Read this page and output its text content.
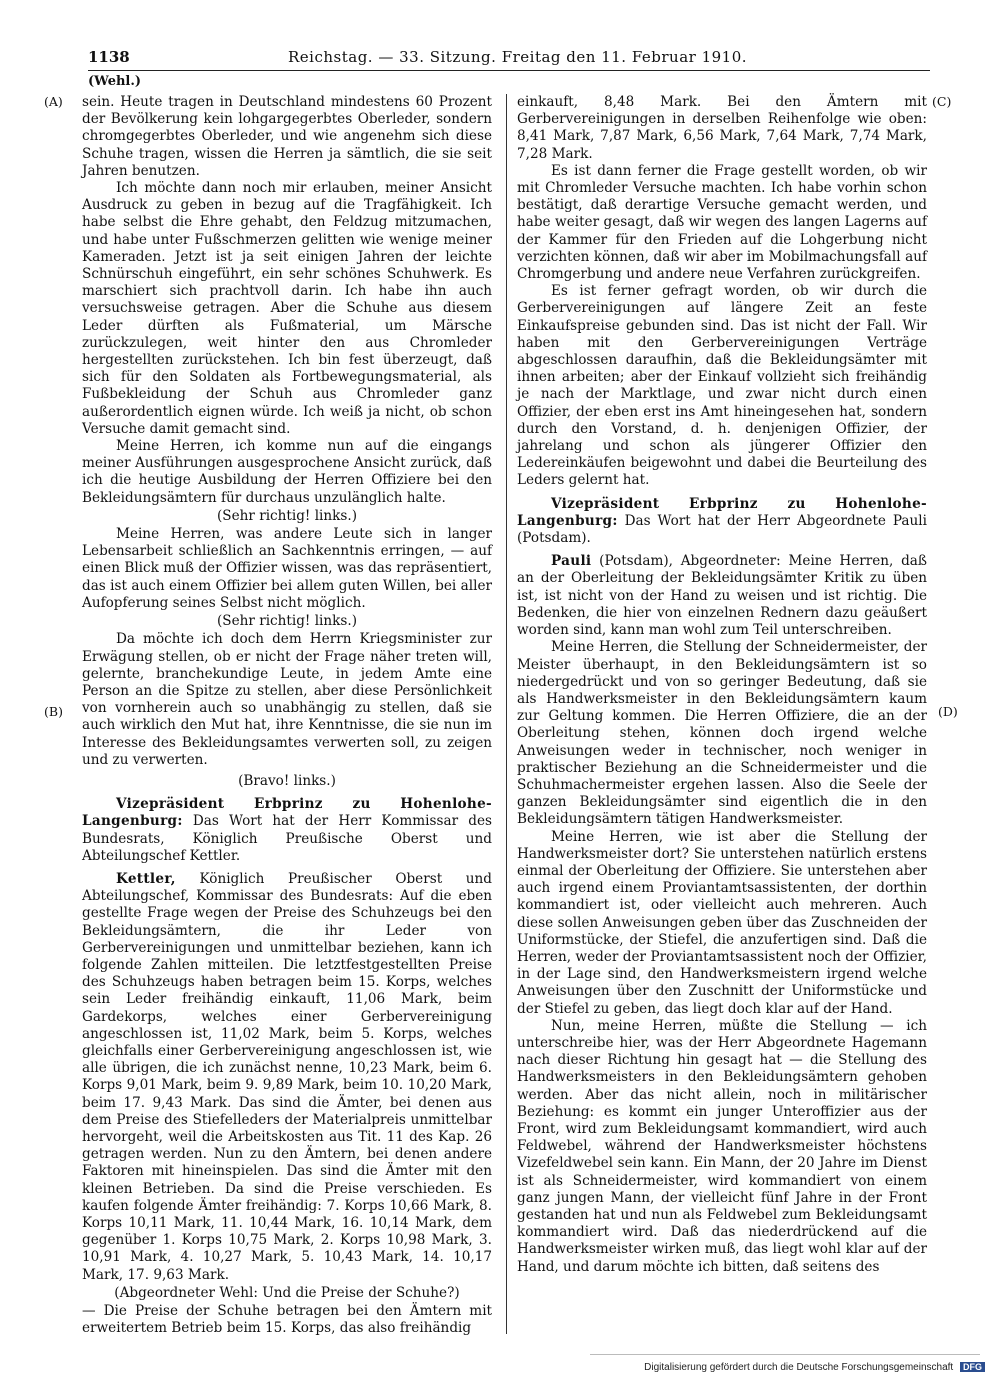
1138	Reichstag. — 33. Sitzung. Freitag den 11. Februar 1910.
(Wehl.)
(A)
(B)
(C)
(D)

sein. Heute tragen in Deutschland mindestens 60 Prozent der Bevölkerung kein lohgargegerbtes Oberleder, sondern chromgegerbtes Oberleder, und wie angenehm sich diese Schuhe tragen, wissen die Herren ja sämtlich, die sie seit Jahren benutzen.

Ich möchte dann noch mir erlauben, meiner Ansicht Ausdruck zu geben in bezug auf die Tragfähigkeit. Ich habe selbst die Ehre gehabt, den Feldzug mitzumachen, und habe unter Fußschmerzen gelitten wie wenige meiner Kameraden. Jetzt ist ja seit einigen Jahren der leichte Schnürschuh eingeführt, ein sehr schönes Schuhwerk. Es marschiert sich prachtvoll darin. Ich habe ihn auch versuchsweise getragen. Aber die Schuhe aus diesem Leder dürften als Fußmaterial, um Märsche zurückzulegen, weit hinter den aus Chromleder hergestellten zurückstehen. Ich bin fest überzeugt, daß sich für den Soldaten als Fortbewegungsmaterial, als Fußbekleidung der Schuh aus Chromleder ganz außerordentlich eignen würde. Ich weiß ja nicht, ob schon Versuche damit gemacht sind.

Meine Herren, ich komme nun auf die eingangs meiner Ausführungen ausgesprochene Ansicht zurück, daß ich die heutige Ausbildung der Herren Offiziere bei den Bekleidungsämtern für durchaus unzulänglich halte.

(Sehr richtig! links.)

Meine Herren, was andere Leute sich in langer Lebensarbeit schließlich an Sachkenntnis erringen, — auf einen Blick muß der Offizier wissen, was das repräsentiert, das ist auch einem Offizier bei allem guten Willen, bei aller Aufopferung seines Selbst nicht möglich.

(Sehr richtig! links.)

Da möchte ich doch dem Herrn Kriegsminister zur Erwägung stellen, ob er nicht der Frage näher treten will, gelernte, branchekundige Leute, in jedem Amte eine Person an die Spitze zu stellen, aber diese Persönlichkeit von vornherein auch so unabhängig zu stellen, daß sie auch wirklich den Mut hat, ihre Kenntnisse, die sie nun im Interesse des Bekleidungsamtes verwerten soll, zu zeigen und zu verwerten.

(Bravo! links.)

Vizepräsident Erbprinz zu Hohenlohe-Langenburg: Das Wort hat der Herr Kommissar des Bundesrats, Königlich Preußische Oberst und Abteilungschef Kettler.

Kettler, Königlich Preußischer Oberst und Abteilungschef, Kommissar des Bundesrats: Auf die eben gestellte Frage wegen der Preise des Schuhzeugs bei den Bekleidungsämtern, die ihr Leder von Gerbervereinigungen und unmittelbar beziehen, kann ich folgende Zahlen mitteilen. Die letztfestgestellten Preise des Schuhzeugs haben betragen beim 15. Korps, welches sein Leder freihändig einkauft, 11,06 Mark, beim Gardekorps, welches einer Gerbervereinigung angeschlossen ist, 11,02 Mark, beim 5. Korps, welches gleichfalls einer Gerbervereinigung angeschlossen ist, wie alle übrigen, die ich zunächst nenne, 10,23 Mark, beim 6. Korps 9,01 Mark, beim 9. 9,89 Mark, beim 10. 10,20 Mark, beim 17. 9,43 Mark. Das sind die Ämter, bei denen aus dem Preise des Stiefelleders der Materialpreis unmittelbar hervorgeht, weil die Arbeitskosten aus Tit. 11 des Kap. 26 getragen werden. Nun zu den Ämtern, bei denen andere Faktoren mit hineinspielen. Das sind die Ämter mit den kleinen Betrieben. Da sind die Preise verschieden. Es kaufen folgende Ämter freihändig: 7. Korps 10,66 Mark, 8. Korps 10,11 Mark, 11. 10,44 Mark, 16. 10,14 Mark, dem gegenüber 1. Korps 10,75 Mark, 2. Korps 10,98 Mark, 3. 10,91 Mark, 4. 10,27 Mark, 5. 10,43 Mark, 14. 10,17 Mark, 17. 9,63 Mark.

(Abgeordneter Wehl: Und die Preise der Schuhe?)

— Die Preise der Schuhe betragen bei den Ämtern mit erweitertem Betrieb beim 15. Korps, das also freihändig

einkauft, 8,48 Mark. Bei den Ämtern mit Gerbervereinigungen in derselben Reihenfolge wie oben: 8,41 Mark, 7,87 Mark, 6,56 Mark, 7,64 Mark, 7,74 Mark, 7,28 Mark.

Es ist dann ferner die Frage gestellt worden, ob wir mit Chromleder Versuche machten. Ich habe vorhin schon bestätigt, daß derartige Versuche gemacht werden, und habe weiter gesagt, daß wir wegen des langen Lagerns auf der Kammer für den Frieden auf die Lohgerbung nicht verzichten können, daß wir aber im Mobilmachungsfall auf Chromgerbung und andere neue Verfahren zurückgreifen.

Es ist ferner gefragt worden, ob wir durch die Gerbervereinigungen auf längere Zeit an feste Einkaufspreise gebunden sind. Das ist nicht der Fall. Wir haben mit den Gerbervereinigungen Verträge abgeschlossen daraufhin, daß die Bekleidungsämter mit ihnen arbeiten; aber der Einkauf vollzieht sich freihändig je nach der Marktlage, und zwar nicht durch einen Offizier, der eben erst ins Amt hineingesehen hat, sondern durch den Vorstand, d. h. denjenigen Offizier, der jahrelang und schon als jüngerer Offizier den Ledereinkäufen beigewohnt und dabei die Beurteilung des Leders gelernt hat.

Vizepräsident Erbprinz zu Hohenlohe-Langenburg: Das Wort hat der Herr Abgeordnete Pauli (Potsdam).

Pauli (Potsdam), Abgeordneter: Meine Herren, daß an der Oberleitung der Bekleidungsämter Kritik zu üben ist, ist nicht von der Hand zu weisen und ist richtig. Die Bedenken, die hier von einzelnen Rednern dazu geäußert worden sind, kann man wohl zum Teil unterschreiben.

Meine Herren, die Stellung der Schneidermeister, der Meister überhaupt, in den Bekleidungsämtern ist so niedergedrückt und von so geringer Bedeutung, daß sie als Handwerksmeister in den Bekleidungsämtern kaum zur Geltung kommen. Die Herren Offiziere, die an der Oberleitung stehen, können doch irgend welche Anweisungen weder in technischer, noch weniger in praktischer Beziehung an die Schneidermeister und die Schuhmachermeister ergehen lassen. Also die Seele der ganzen Bekleidungsämter sind eigentlich die in den Bekleidungsämtern tätigen Handwerksmeister.

Meine Herren, wie ist aber die Stellung der Handwerksmeister dort? Sie unterstehen natürlich erstens einmal der Oberleitung der Offiziere. Sie unterstehen aber auch irgend einem Proviantamtsassistenten, der dorthin kommandiert ist, oder vielleicht auch mehreren. Auch diese sollen Anweisungen geben über das Zuschneiden der Uniformstücke, der Stiefel, die anzufertigen sind. Daß die Herren, weder der Proviantamtsassistent noch der Offizier, in der Lage sind, den Handwerksmeistern irgend welche Anweisungen über den Zuschnitt der Uniformstücke und der Stiefel zu geben, das liegt doch klar auf der Hand.

Nun, meine Herren, müßte die Stellung — ich unterschreibe hier, was der Herr Abgeordnete Hagemann nach dieser Richtung hin gesagt hat — die Stellung des Handwerksmeisters in den Bekleidungsämtern gehoben werden. Aber das nicht allein, noch in militärischer Beziehung: es kommt ein junger Unteroffizier aus der Front, wird zum Bekleidungsamt kommandiert, wird auch Feldwebel, während der Handwerksmeister höchstens Vizefeldwebel sein kann. Ein Mann, der 20 Jahre im Dienst ist als Schneidermeister, wird kommandiert von einem ganz jungen Mann, der vielleicht fünf Jahre in der Front gestanden hat und nun als Feldwebel zum Bekleidungsamt kommandiert wird. Daß das niederdrückend auf die Handwerksmeister wirken muß, das liegt wohl klar auf der Hand, und darum möchte ich bitten, daß seitens des

Digitalisierung gefördert durch die Deutsche Forschungsgemeinschaft DFG
